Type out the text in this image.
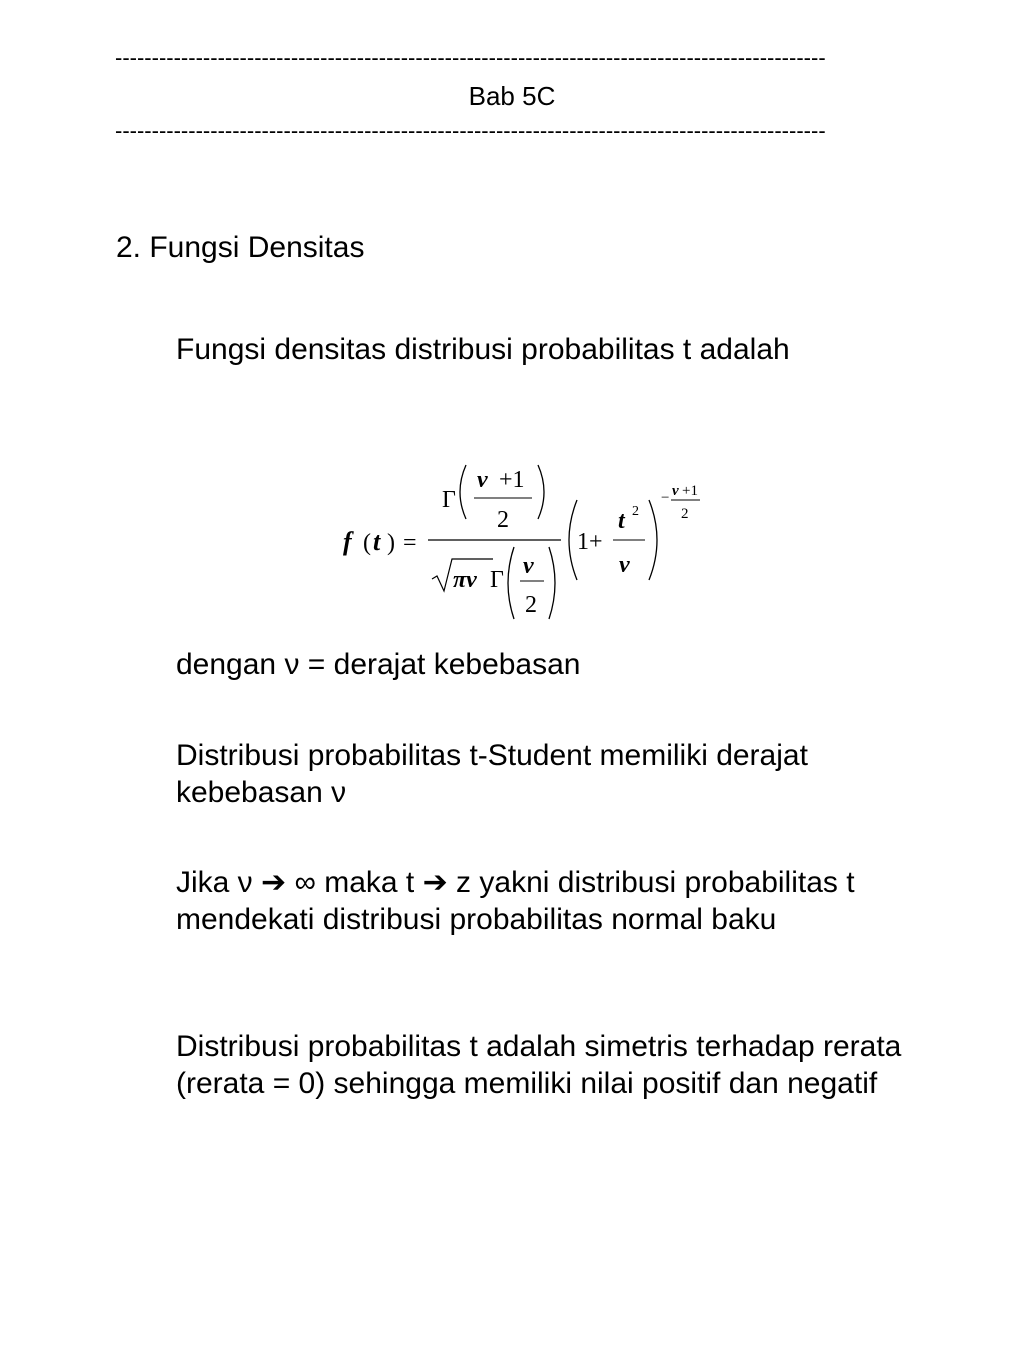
-------------------------------------------------------------------------------------------------
Bab 5C
-------------------------------------------------------------------------------------------------
2. Fungsi Densitas
Fungsi densitas distribusi probabilitas t adalah
f ( t ) =
Γ
ν +1
2
πν Γ
ν
2
1+
t 2
ν
− ν +1
2
dengan ν = derajat kebebasan
Distribusi probabilitas t-Student memiliki derajat kebebasan ν
Jika ν ➔ ∞ maka t ➔ z yakni distribusi probabilitas t mendekati distribusi probabilitas normal baku
Distribusi probabilitas t adalah simetris terhadap rerata (rerata = 0) sehingga memiliki nilai positif dan negatif
